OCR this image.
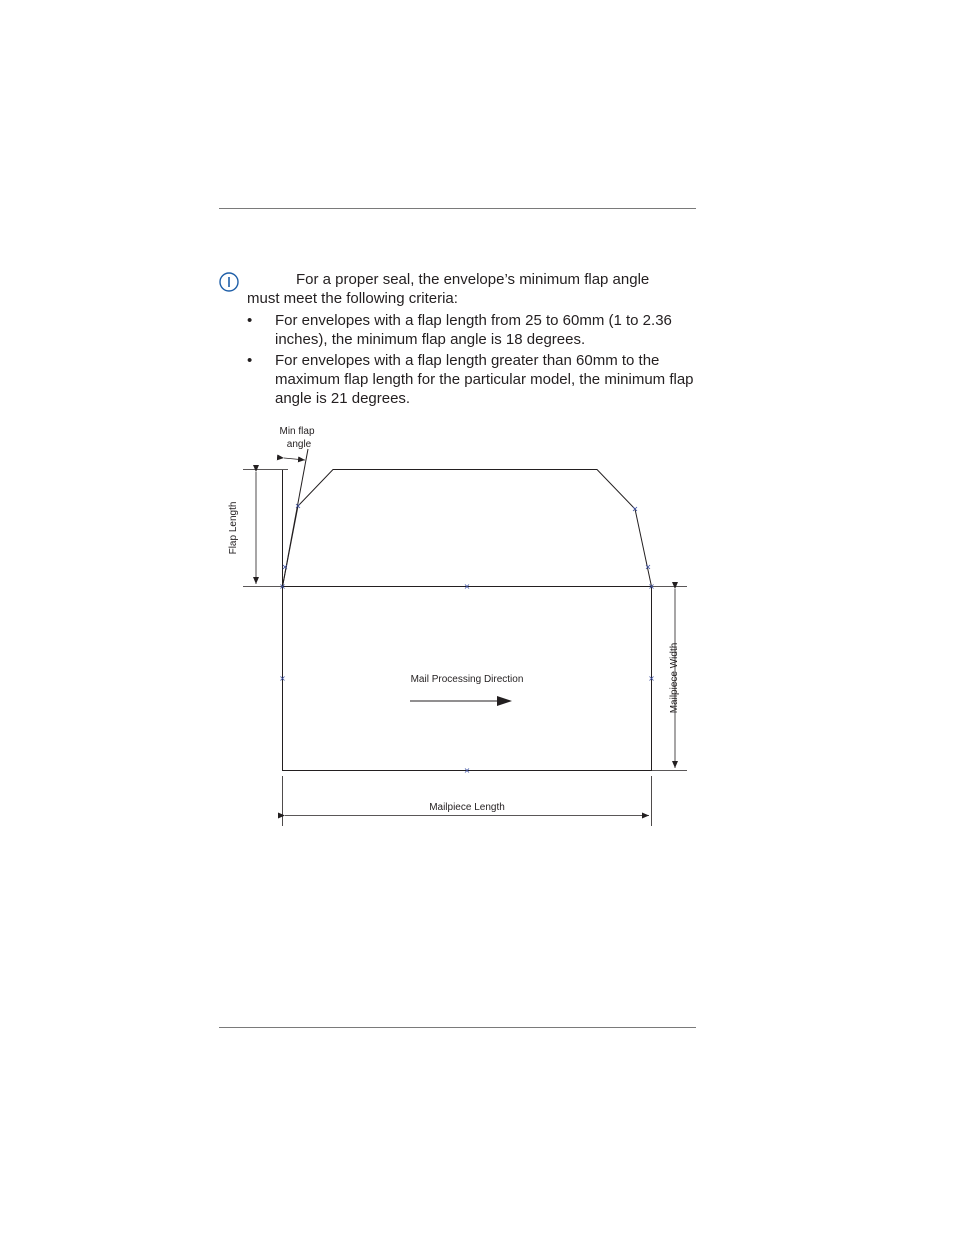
For a proper seal, the envelope’s minimum flap angle
must meet the following criteria:
• For envelopes with a flap length from 25 to 60mm (1 to 2.36 inches), the minimum flap angle is 18 degrees.
• For envelopes with a flap length greater than 60mm to the maximum flap length for the particular model, the minimum flap angle is 21 degrees.
Min flap
angle
Flap Length
Mailpiece Width
Mailpiece Length
Mail Processing Direction
